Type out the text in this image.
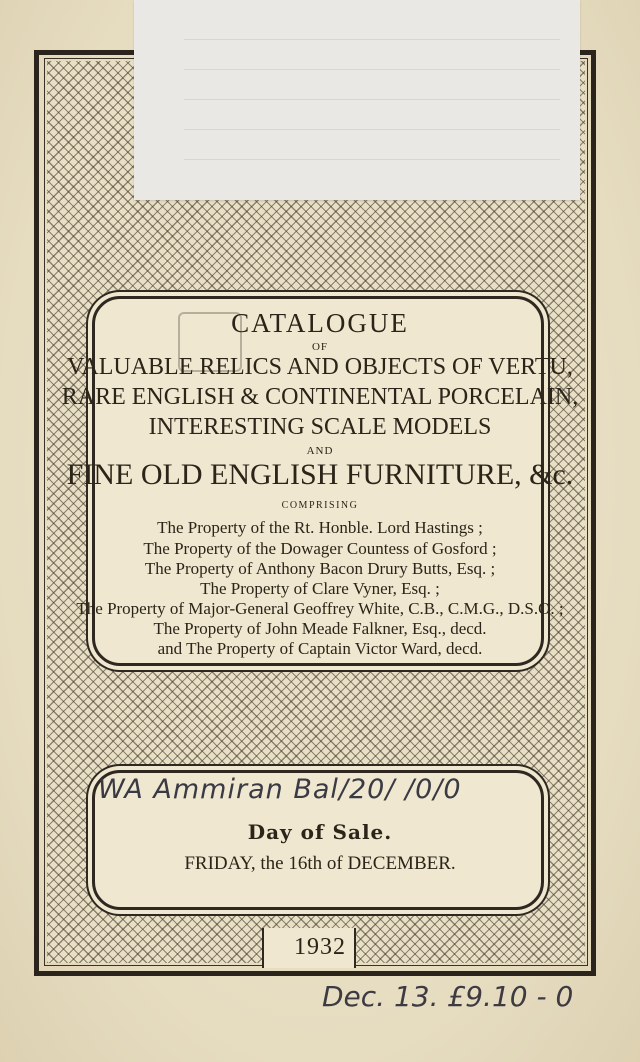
CATALOGUE
OF
VALUABLE RELICS AND OBJECTS OF VERTU,
RARE ENGLISH & CONTINENTAL PORCELAIN,
INTERESTING SCALE MODELS
AND
FINE OLD ENGLISH FURNITURE, &c.
COMPRISING
The Property of the Rt. Honble. Lord Hastings ;
The Property of the Dowager Countess of Gosford ;
The Property of Anthony Bacon Drury Butts, Esq. ;
The Property of Clare Vyner, Esq. ;
The Property of Major-General Geoffrey White, C.B., C.M.G., D.S.O. ;
The Property of John Meade Falkner, Esq., decd.
and The Property of Captain Victor Ward, decd.
WA Ammiran Bal/20/ /0/0
Day of Sale.
FRIDAY, the 16th of DECEMBER.
1932
Dec. 13. £9.10 - 0
